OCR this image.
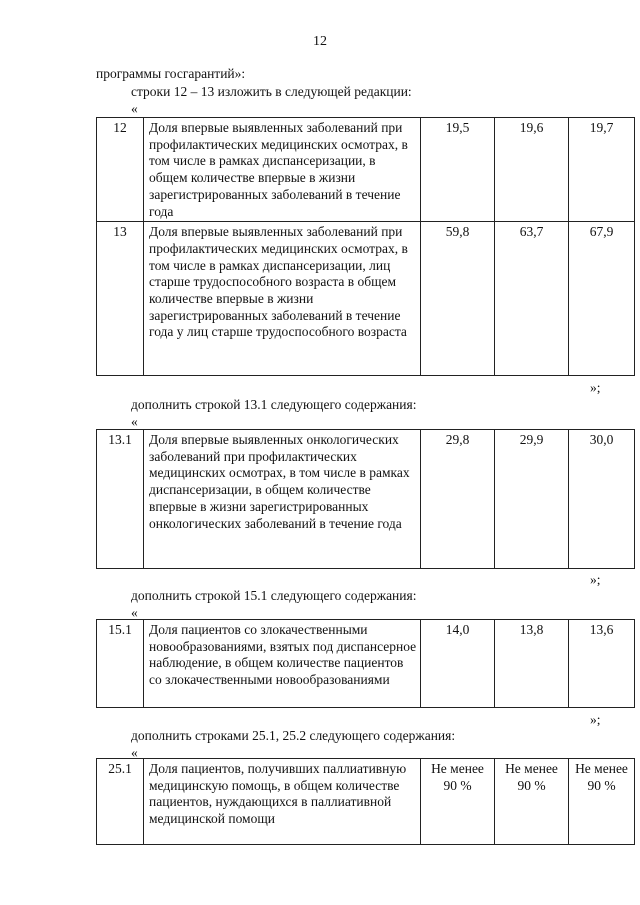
12
программы госгарантий»:
строки 12 – 13 изложить в следующей редакции:
«
12	Доля впервые выявленных заболеваний при профилактических медицинских осмотрах, в том числе в рамках диспансеризации, в общем количестве впервые в жизни зарегистрированных заболеваний в течение года	19,5	19,6	19,7
13	Доля впервые выявленных заболеваний при профилактических медицинских осмотрах, в том числе в рамках диспансеризации, лиц старше трудоспособного возраста в общем количестве впервые в жизни зарегистрированных заболеваний в течение года у лиц старше трудоспособного возраста	59,8	63,7	67,9
»;
дополнить строкой 13.1 следующего содержания:
«
13.1	Доля впервые выявленных онкологических заболеваний при профилактических медицинских осмотрах, в том числе в рамках диспансеризации, в общем количестве впервые в жизни зарегистрированных онкологических заболеваний в течение года	29,8	29,9	30,0
»;
дополнить строкой 15.1 следующего содержания:
«
15.1	Доля пациентов со злокачественными новообразованиями, взятых под диспансерное наблюдение, в общем количестве пациентов со злокачественными новообразованиями	14,0	13,8	13,6
»;
дополнить строками 25.1, 25.2 следующего содержания:
«
25.1	Доля пациентов, получивших паллиативную медицинскую помощь, в общем количестве пациентов, нуждающихся в паллиативной медицинской помощи	Не менее 90 %	Не менее 90 %	Не менее 90 %
